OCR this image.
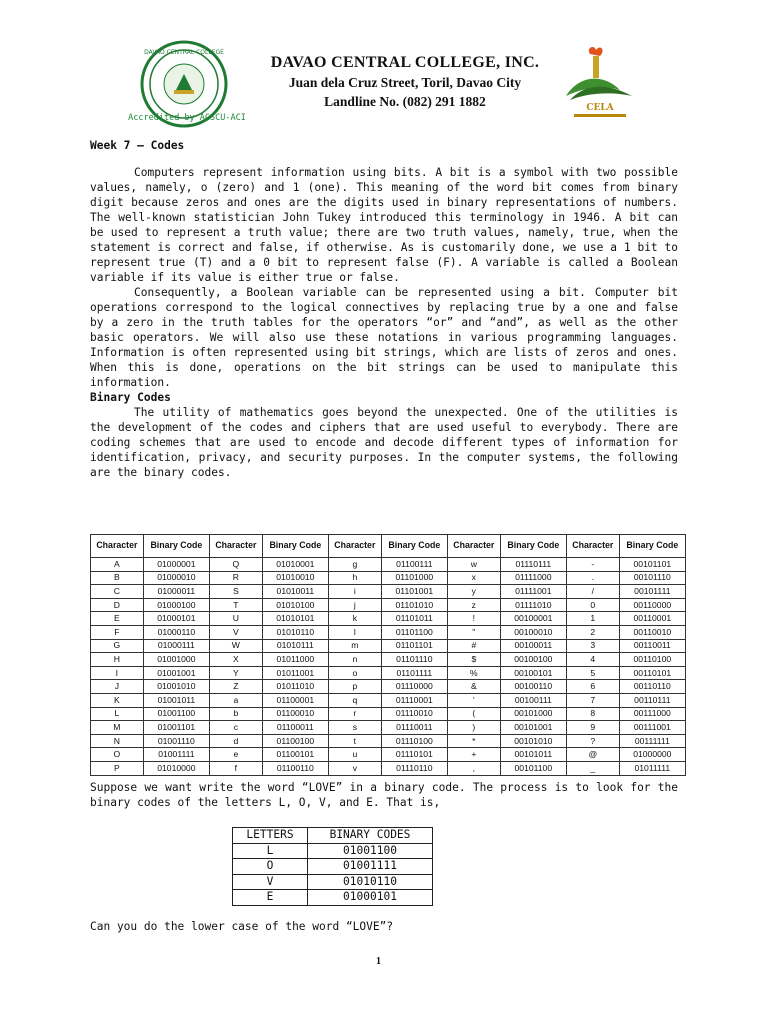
DAVAO CENTRAL COLLEGE
Accredited by ACSCU-ACI
DAVAO CENTRAL COLLEGE, INC.
Juan dela Cruz Street, Toril, Davao City
Landline No. (082) 291 1882	CELA
Week 7 – Codes

Computers represent information using bits. A bit is a symbol with two possible values, namely, o (zero) and 1 (one). This meaning of the word bit comes from binary digit because zeros and ones are the digits used in binary representations of numbers. The well-known statistician John Tukey introduced this terminology in 1946. A bit can be used to represent a truth value; there are two truth values, namely, true, when the statement is correct and false, if otherwise. As is customarily done, we use a 1 bit to represent true (T) and a 0 bit to represent false (F). A variable is called a Boolean variable if its value is either true or false.

Consequently, a Boolean variable can be represented using a bit. Computer bit operations correspond to the logical connectives by replacing true by a one and false by a zero in the truth tables for the operators “or” and “and”, as well as the other basic operators. We will also use these notations in various programming languages. Information is often represented using bit strings, which are lists of zeros and ones. When this is done, operations on the bit strings can be used to manipulate this information.

Binary Codes

The utility of mathematics goes beyond the unexpected. One of the utilities is the development of the codes and ciphers that are used useful to everybody. There are coding schemes that are used to encode and decode different types of information for identification, privacy, and security purposes. In the computer systems, the following are the binary codes.

Character	Binary Code	Character	Binary Code	Character	Binary Code	Character	Binary Code	Character	Binary Code
A	01000001	Q	01010001	g	01100111	w	01110111	-	00101101
B	01000010	R	01010010	h	01101000	x	01111000	.	00101110
C	01000011	S	01010011	i	01101001	y	01111001	/	00101111
D	01000100	T	01010100	j	01101010	z	01111010	0	00110000
E	01000101	U	01010101	k	01101011	!	00100001	1	00110001
F	01000110	V	01010110	l	01101100	"	00100010	2	00110010
G	01000111	W	01010111	m	01101101	#	00100011	3	00110011
H	01001000	X	01011000	n	01101110	$	00100100	4	00110100
I	01001001	Y	01011001	o	01101111	%	00100101	5	00110101
J	01001010	Z	01011010	p	01110000	&	00100110	6	00110110
K	01001011	a	01100001	q	01110001	'	00100111	7	00110111
L	01001100	b	01100010	r	01110010	(	00101000	8	00111000
M	01001101	c	01100011	s	01110011	)	00101001	9	00111001
N	01001110	d	01100100	t	01110100	*	00101010	?	00111111
O	01001111	e	01100101	u	01110101	+	00101011	@	01000000
P	01010000	f	01100110	v	01110110	,	00101100	_	01011111

Suppose we want write the word “LOVE” in a binary code. The process is to look for the binary codes of the letters L, O, V, and E. That is,

LETTERS	BINARY CODES
L	01001100
O	01001111
V	01010110
E	01000101
Can you do the lower case of the word “LOVE”?
1
